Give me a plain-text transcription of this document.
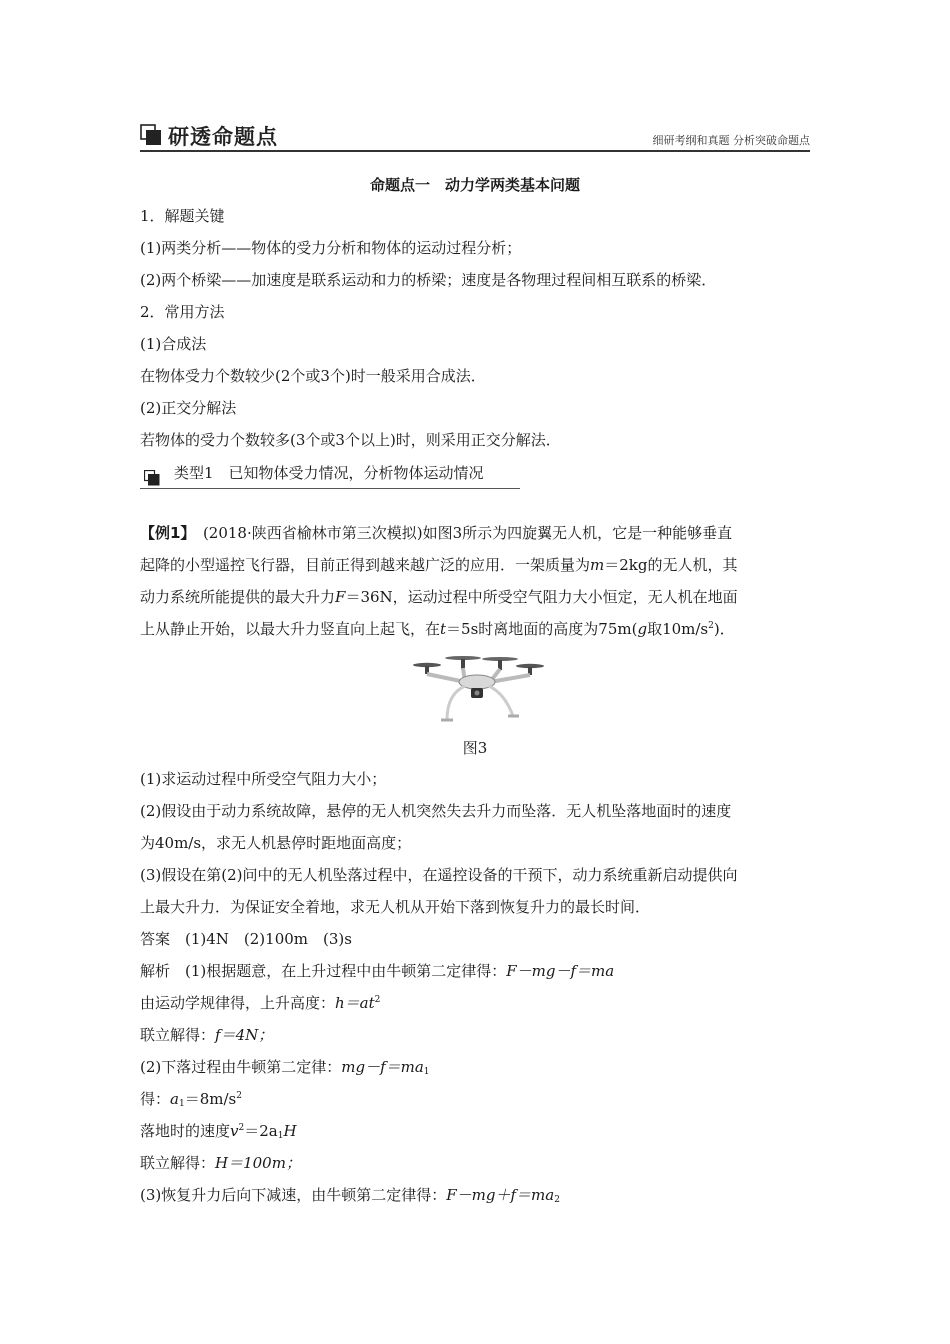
研透命题点	细研考纲和真题 分析突破命题点
命题点一　动力学两类基本问题
1．解题关键
(1)两类分析——物体的受力分析和物体的运动过程分析；
(2)两个桥梁——加速度是联系运动和力的桥梁；速度是各物理过程间相互联系的桥梁．
2．常用方法
(1)合成法
在物体受力个数较少(2个或3个)时一般采用合成法．
(2)正交分解法
若物体的受力个数较多(3个或3个以上)时，则采用正交分解法．
类型1　已知物体受力情况，分析物体运动情况
【例1】　(2018·陕西省榆林市第三次模拟)如图3所示为四旋翼无人机，它是一种能够垂直
起降的小型遥控飞行器，目前正得到越来越广泛的应用．一架质量为m＝2kg的无人机，其
动力系统所能提供的最大升力F＝36N，运动过程中所受空气阻力大小恒定，无人机在地面
上从静止开始，以最大升力竖直向上起飞，在t＝5s时离地面的高度为75m(g取$10m/s^2$)．
图3
(1)求运动过程中所受空气阻力大小；
(2)假设由于动力系统故障，悬停的无人机突然失去升力而坠落．无人机坠落地面时的速度
为40m/s，求无人机悬停时距地面高度；
(3)假设在第(2)问中的无人机坠落过程中，在遥控设备的干预下，动力系统重新启动提供向
上最大升力．为保证安全着地，求无人机从开始下落到恢复升力的最长时间．
答案　(1)4N　(2)100m　(3)s
解析　(1)根据题意，在上升过程中由牛顿第二定律得：F－mg－f＝ma
由运动学规律得，上升高度：$h=at^2$
联立解得：f＝4N；
(2)下落过程由牛顿第二定律：$mg-f=ma_1$
得：$a_1=8m/s^2$
落地时的速度$v^2=2a_1H$
联立解得：H＝100m；
(3)恢复升力后向下减速，由牛顿第二定律得：$F-mg+f=ma_2$
